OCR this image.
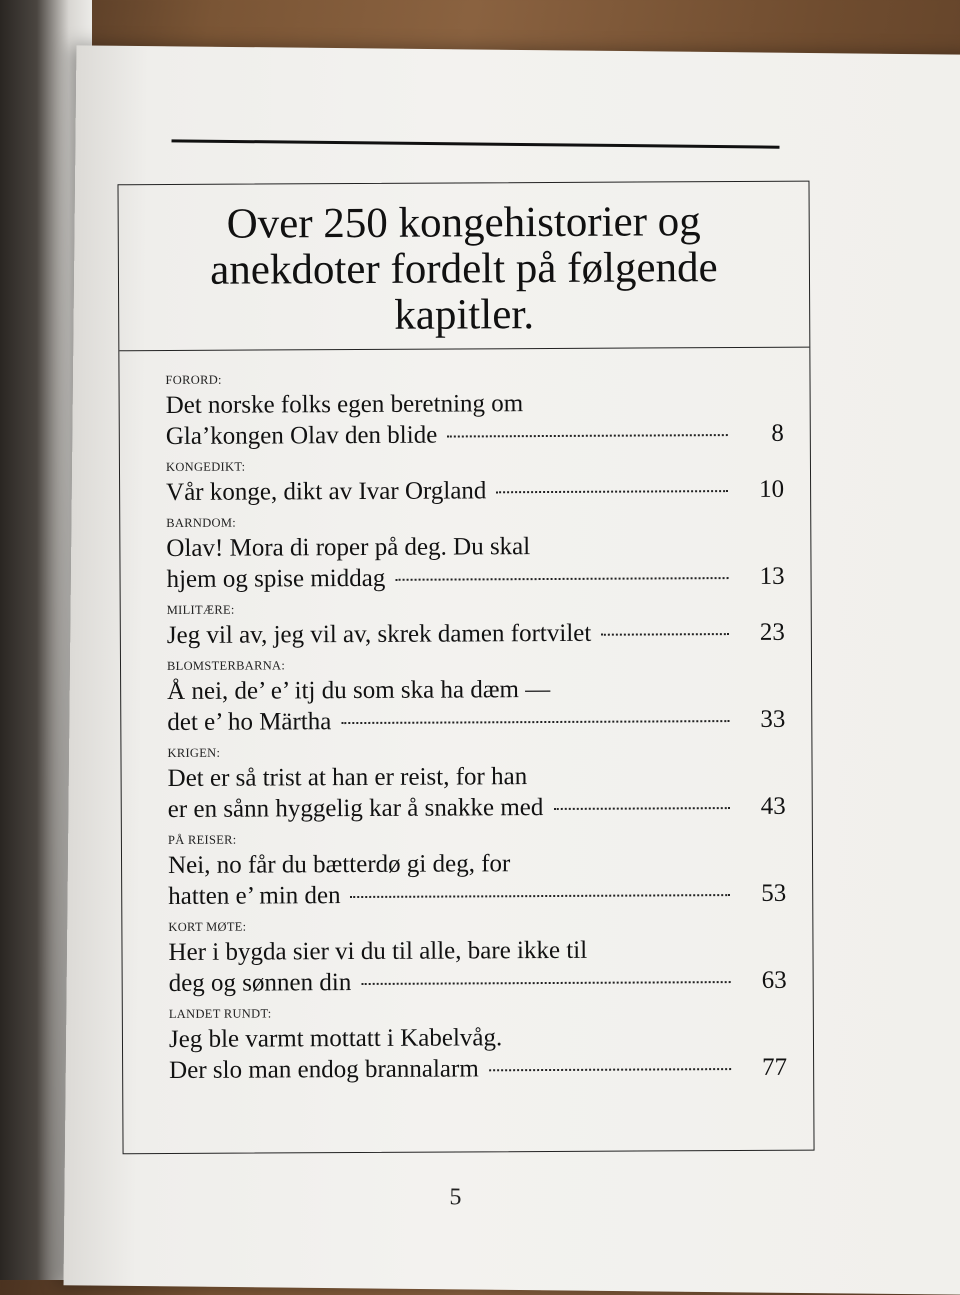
Over 250 kongehistorier og anekdoter fordelt på følgende kapitler.
FORORD:
Det norske folks egen beretning om
Gla’kongen Olav den blide	8
KONGEDIKT:
Vår konge, dikt av Ivar Orgland	10
BARNDOM:
Olav! Mora di roper på deg. Du skal
hjem og spise middag	13
MILITÆRE:
Jeg vil av, jeg vil av, skrek damen fortvilet	23
BLOMSTERBARNA:
Å nei, de’ e’ itj du som ska ha dæm —
det e’ ho Märtha	33
KRIGEN:
Det er så trist at han er reist, for han
er en sånn hyggelig kar å snakke med	43
PÅ REISER:
Nei, no får du bætterdø gi deg, for
hatten e’ min den	53
KORT MØTE:
Her i bygda sier vi du til alle, bare ikke til
deg og sønnen din	63
LANDET RUNDT:
Jeg ble varmt mottatt i Kabelvåg.
Der slo man endog brannalarm	77
5
